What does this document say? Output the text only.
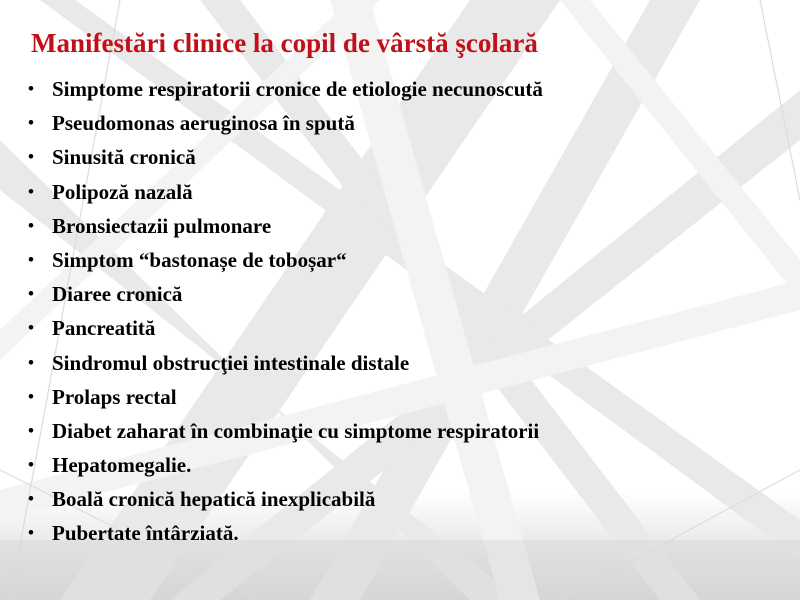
Manifestări clinice la copil de vârstă şcolară
• Simptome respiratorii cronice de etiologie necunoscută
• Pseudomonas aeruginosa în spută
• Sinusită cronică
• Polipoză nazală
• Bronsiectazii pulmonare
• Simptom “bastonașe de toboșar“
• Diaree cronică
• Pancreatită
• Sindromul obstrucţiei intestinale distale
• Prolaps rectal
• Diabet zaharat în combinaţie cu simptome respiratorii
• Hepatomegalie.
• Boală cronică hepatică inexplicabilă
• Pubertate întârziată.
